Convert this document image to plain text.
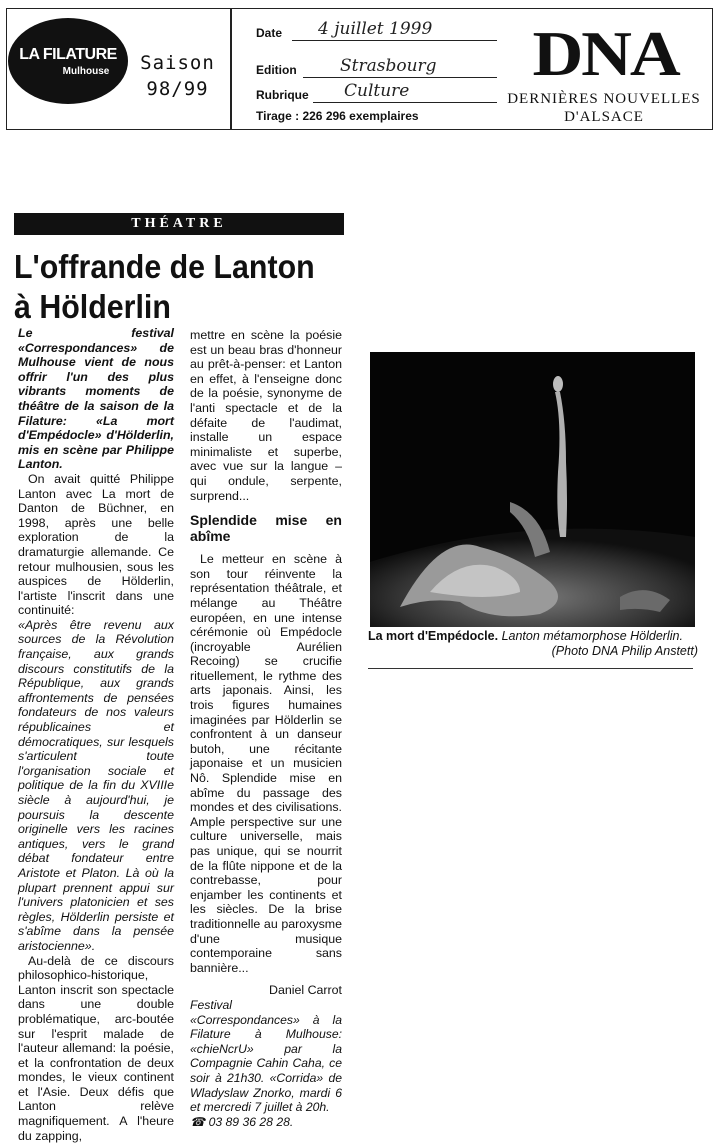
LA FILATURE
Mulhouse	Saison
98/99
Date 4 juillet 1999
Edition	Strasbourg
Rubrique Culture
Tirage : 226 296 exemplaires
DNA
DERNIÈRES NOUVELLES
D'ALSACE
THÉATRE
L'offrande de Lanton
à Hölderlin

Le festival «Correspondances» de Mulhouse vient de nous offrir l'un des plus vibrants moments de théâtre de la saison de la Filature: «La mort d'Empédocle» d'Hölderlin, mis en scène par Philippe Lanton.

On avait quitté Philippe Lanton avec La mort de Danton de Büchner, en 1998, après une belle exploration de la dramaturgie allemande. Ce retour mulhousien, sous les auspices de Hölderlin, l'artiste l'inscrit dans une continuité:

«Après être revenu aux sources de la Révolution française, aux grands discours constitutifs de la République, aux grands affrontements de pensées fondateurs de nos valeurs républicaines et démocratiques, sur lesquels s'articulent toute l'organisation sociale et politique de la fin du XVIIIe siècle à aujourd'hui, je poursuis la descente originelle vers les racines antiques, vers le grand débat fondateur entre Aristote et Platon. Là où la plupart prennent appui sur l'univers platonicien et ses règles, Hölderlin persiste et s'abîme dans la pensée aristocienne».

Au-delà de ce discours philosophico-historique, Lanton inscrit son spectacle dans une double problématique, arc-boutée sur l'esprit malade de l'auteur allemand: la poésie, et la confrontation de deux mondes, le vieux continent et l'Asie. Deux défis que Lanton relève magnifiquement. A l'heure du zapping,

mettre en scène la poésie est un beau bras d'honneur au prêt-à-penser: et Lanton en effet, à l'enseigne donc de la poésie, synonyme de l'anti spectacle et de la défaite de l'audimat, installe un espace minimaliste et superbe, avec vue sur la langue – qui ondule, serpente, surprend...

Splendide mise en abîme

Le metteur en scène à son tour réinvente la représentation théâtrale, et mélange au Théâtre européen, en une intense cérémonie où Empédocle (incroyable Aurélien Recoing) se crucifie rituellement, le rythme des arts japonais. Ainsi, les trois figures humaines imaginées par Hölderlin se confrontent à un danseur butoh, une récitante japonaise et un musicien Nô. Splendide mise en abîme du passage des mondes et des civilisations. Ample perspective sur une culture universelle, mais pas unique, qui se nourrit de la flûte nippone et de la contrebasse, pour enjamber les continents et les siècles. De la brise traditionnelle au paroxysme d'une musique contemporaine sans bannière...

Daniel Carrot
Festival «Correspondances» à la Filature à Mulhouse: «chieNcrU» par la Compagnie Cahin Caha, ce soir à 21h30. «Corrida» de Wladyslaw Znorko, mardi 6 et mercredi 7 juillet à 20h.
☎ 03 89 36 28 28.
La mort d'Empédocle. Lanton métamorphose Hölderlin.
(Photo DNA Philip Anstett)
